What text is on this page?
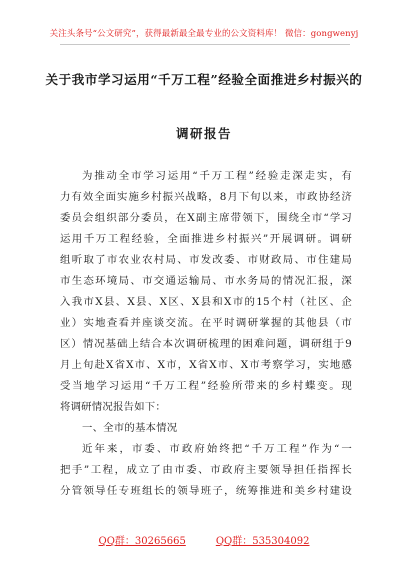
关注头条号“公文研究”，获得最新最全最专业的公文资料库！ 微信：gongwenyj
关于我市学习运用“千万工程”经验全面推进乡村振兴的
调研报告
为推动全市学习运用“千万工程”经验走深走实，有
力有效全面实施乡村振兴战略，8月下旬以来，市政协经济
委员会组织部分委员，在X副主席带领下，围绕全市“学习
运用千万工程经验，全面推进乡村振兴”开展调研。调研
组听取了市农业农村局、市发改委、市财政局、市住建局
市生态环境局、市交通运输局、市水务局的情况汇报，深
入我市X县、X县、X区、X县和X市的15个村（社区、企
业）实地查看并座谈交流。在平时调研掌握的其他县（市
区）情况基础上结合本次调研梳理的困难问题，调研组于9
月上旬赴X省X市、X市，X省X市、X市考察学习，实地感
受当地学习运用“千万工程”经验所带来的乡村蝶变。现
将调研情况报告如下：
一、全市的基本情况
近年来，市委、市政府始终把“千万工程”作为“一
把手”工程，成立了由市委、市政府主要领导担任指挥长
分管领导任专班组长的领导班子，统筹推进和美乡村建设
QQ群：30265665	QQ群：535304092
